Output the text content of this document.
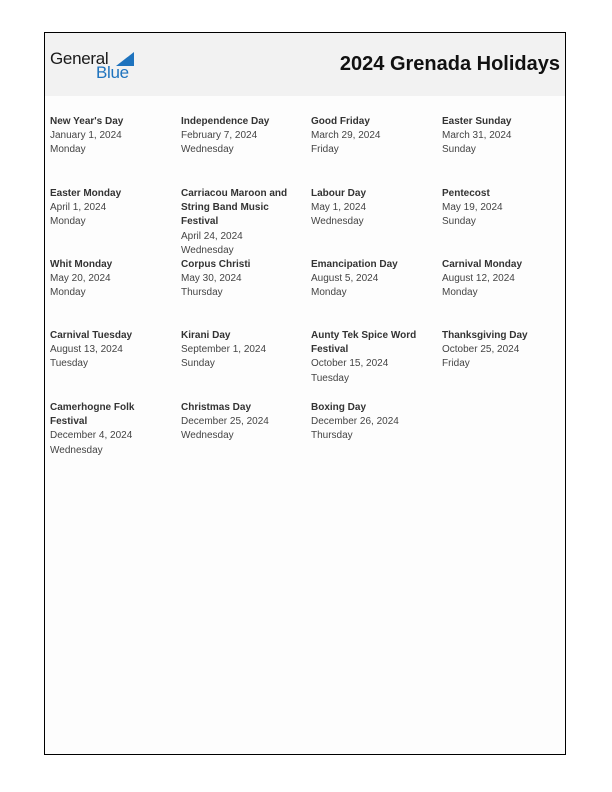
General
Blue	2024 Grenada Holidays
New Year's Day
January 1, 2024
Monday
Independence Day
February 7, 2024
Wednesday
Good Friday
March 29, 2024
Friday
Easter Sunday
March 31, 2024
Sunday
Easter Monday
April 1, 2024
Monday
Carriacou Maroon and String Band Music Festival
April 24, 2024
Wednesday
Labour Day
May 1, 2024
Wednesday
Pentecost
May 19, 2024
Sunday
Whit Monday
May 20, 2024
Monday
Corpus Christi
May 30, 2024
Thursday
Emancipation Day
August 5, 2024
Monday
Carnival Monday
August 12, 2024
Monday
Carnival Tuesday
August 13, 2024
Tuesday
Kirani Day
September 1, 2024
Sunday
Aunty Tek Spice Word Festival
October 15, 2024
Tuesday
Thanksgiving Day
October 25, 2024
Friday
Camerhogne Folk Festival
December 4, 2024
Wednesday
Christmas Day
December 25, 2024
Wednesday
Boxing Day
December 26, 2024
Thursday
